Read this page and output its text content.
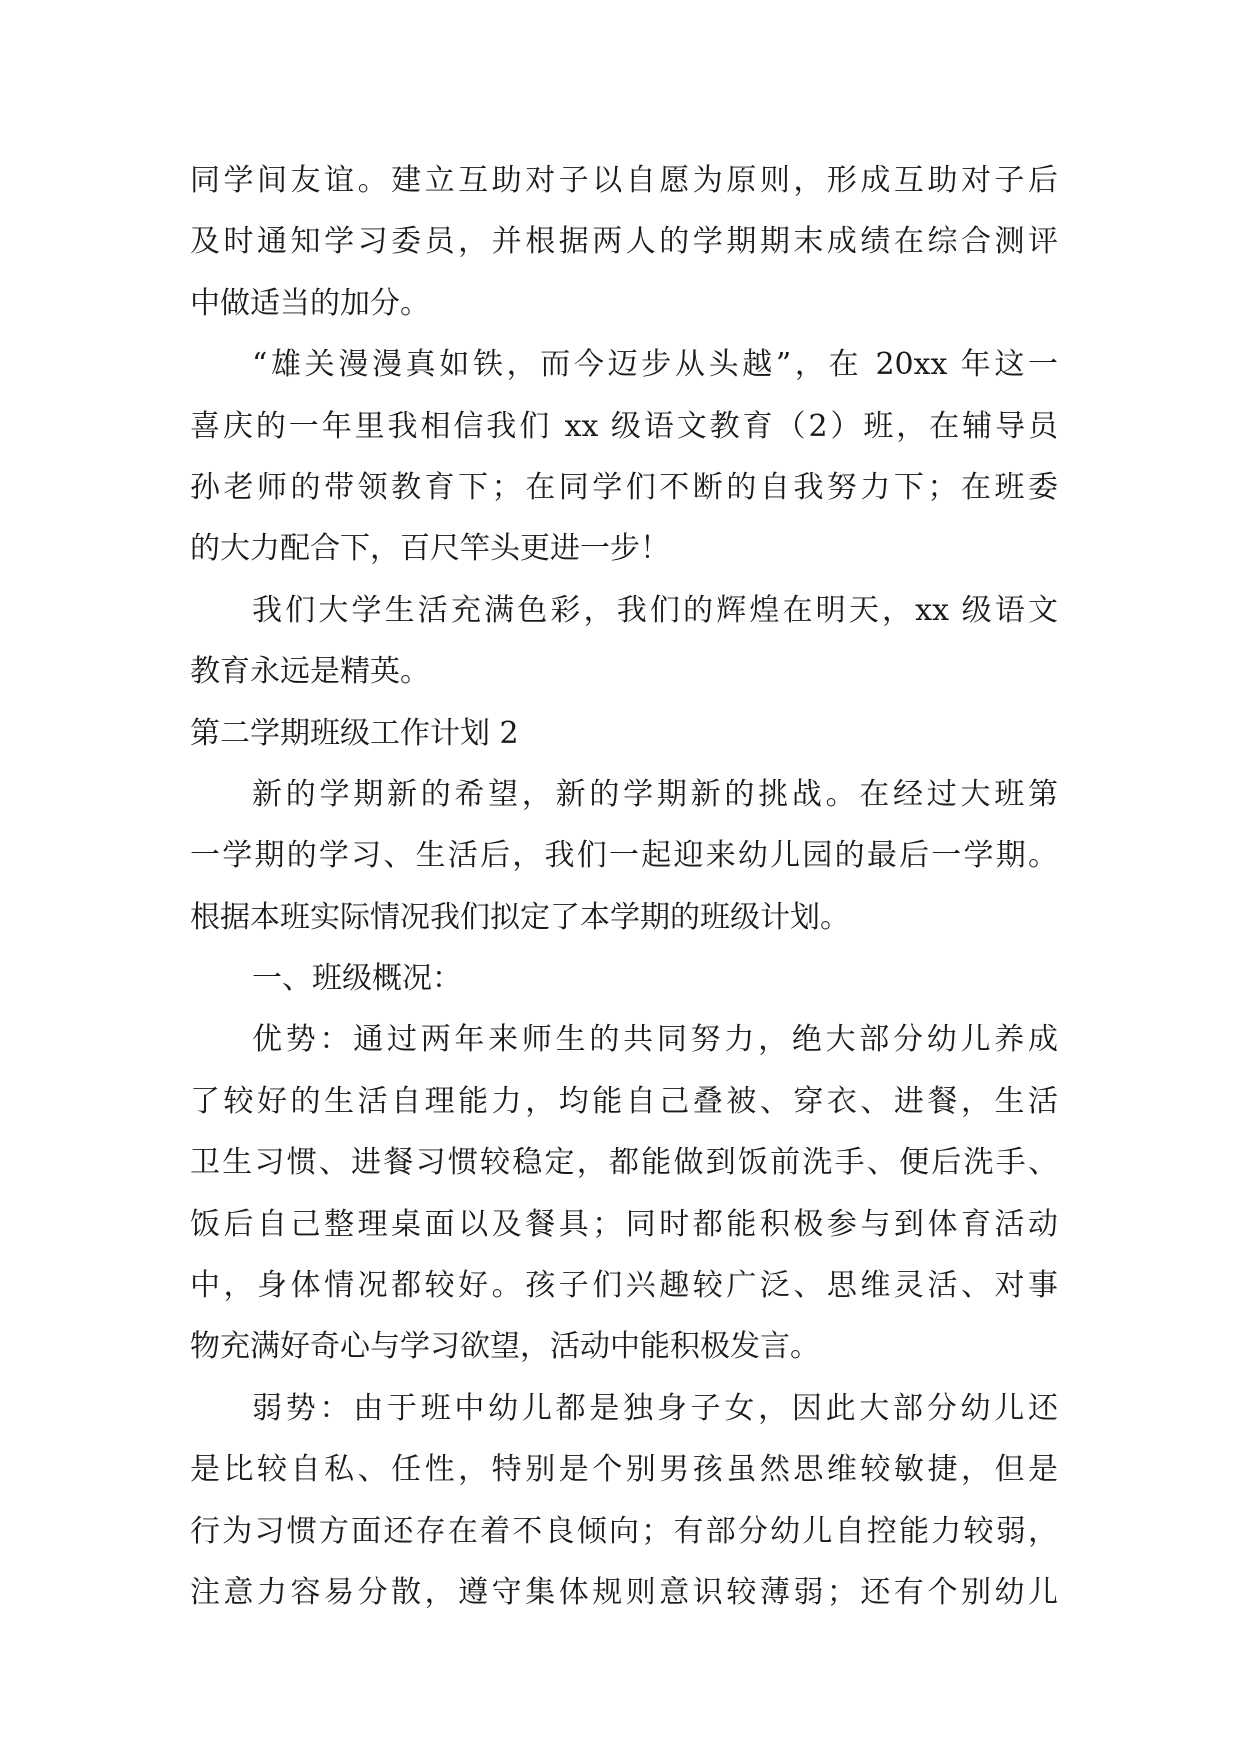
同学间友谊。建立互助对子以自愿为原则，形成互助对子后
及时通知学习委员，并根据两人的学期期末成绩在综合测评
中做适当的加分。
“雄关漫漫真如铁，而今迈步从头越”，在 20xx 年这一
喜庆的一年里我相信我们 xx 级语文教育（2）班，在辅导员
孙老师的带领教育下；在同学们不断的自我努力下；在班委
的大力配合下，百尺竿头更进一步！
我们大学生活充满色彩，我们的辉煌在明天，xx 级语文
教育永远是精英。
第二学期班级工作计划 2
新的学期新的希望，新的学期新的挑战。在经过大班第
一学期的学习、生活后，我们一起迎来幼儿园的最后一学期。
根据本班实际情况我们拟定了本学期的班级计划。
一、班级概况：
优势：通过两年来师生的共同努力，绝大部分幼儿养成
了较好的生活自理能力，均能自己叠被、穿衣、进餐，生活
卫生习惯、进餐习惯较稳定，都能做到饭前洗手、便后洗手、
饭后自己整理桌面以及餐具；同时都能积极参与到体育活动
中，身体情况都较好。孩子们兴趣较广泛、思维灵活、对事
物充满好奇心与学习欲望，活动中能积极发言。
弱势：由于班中幼儿都是独身子女，因此大部分幼儿还
是比较自私、任性，特别是个别男孩虽然思维较敏捷，但是
行为习惯方面还存在着不良倾向；有部分幼儿自控能力较弱，
注意力容易分散，遵守集体规则意识较薄弱；还有个别幼儿
